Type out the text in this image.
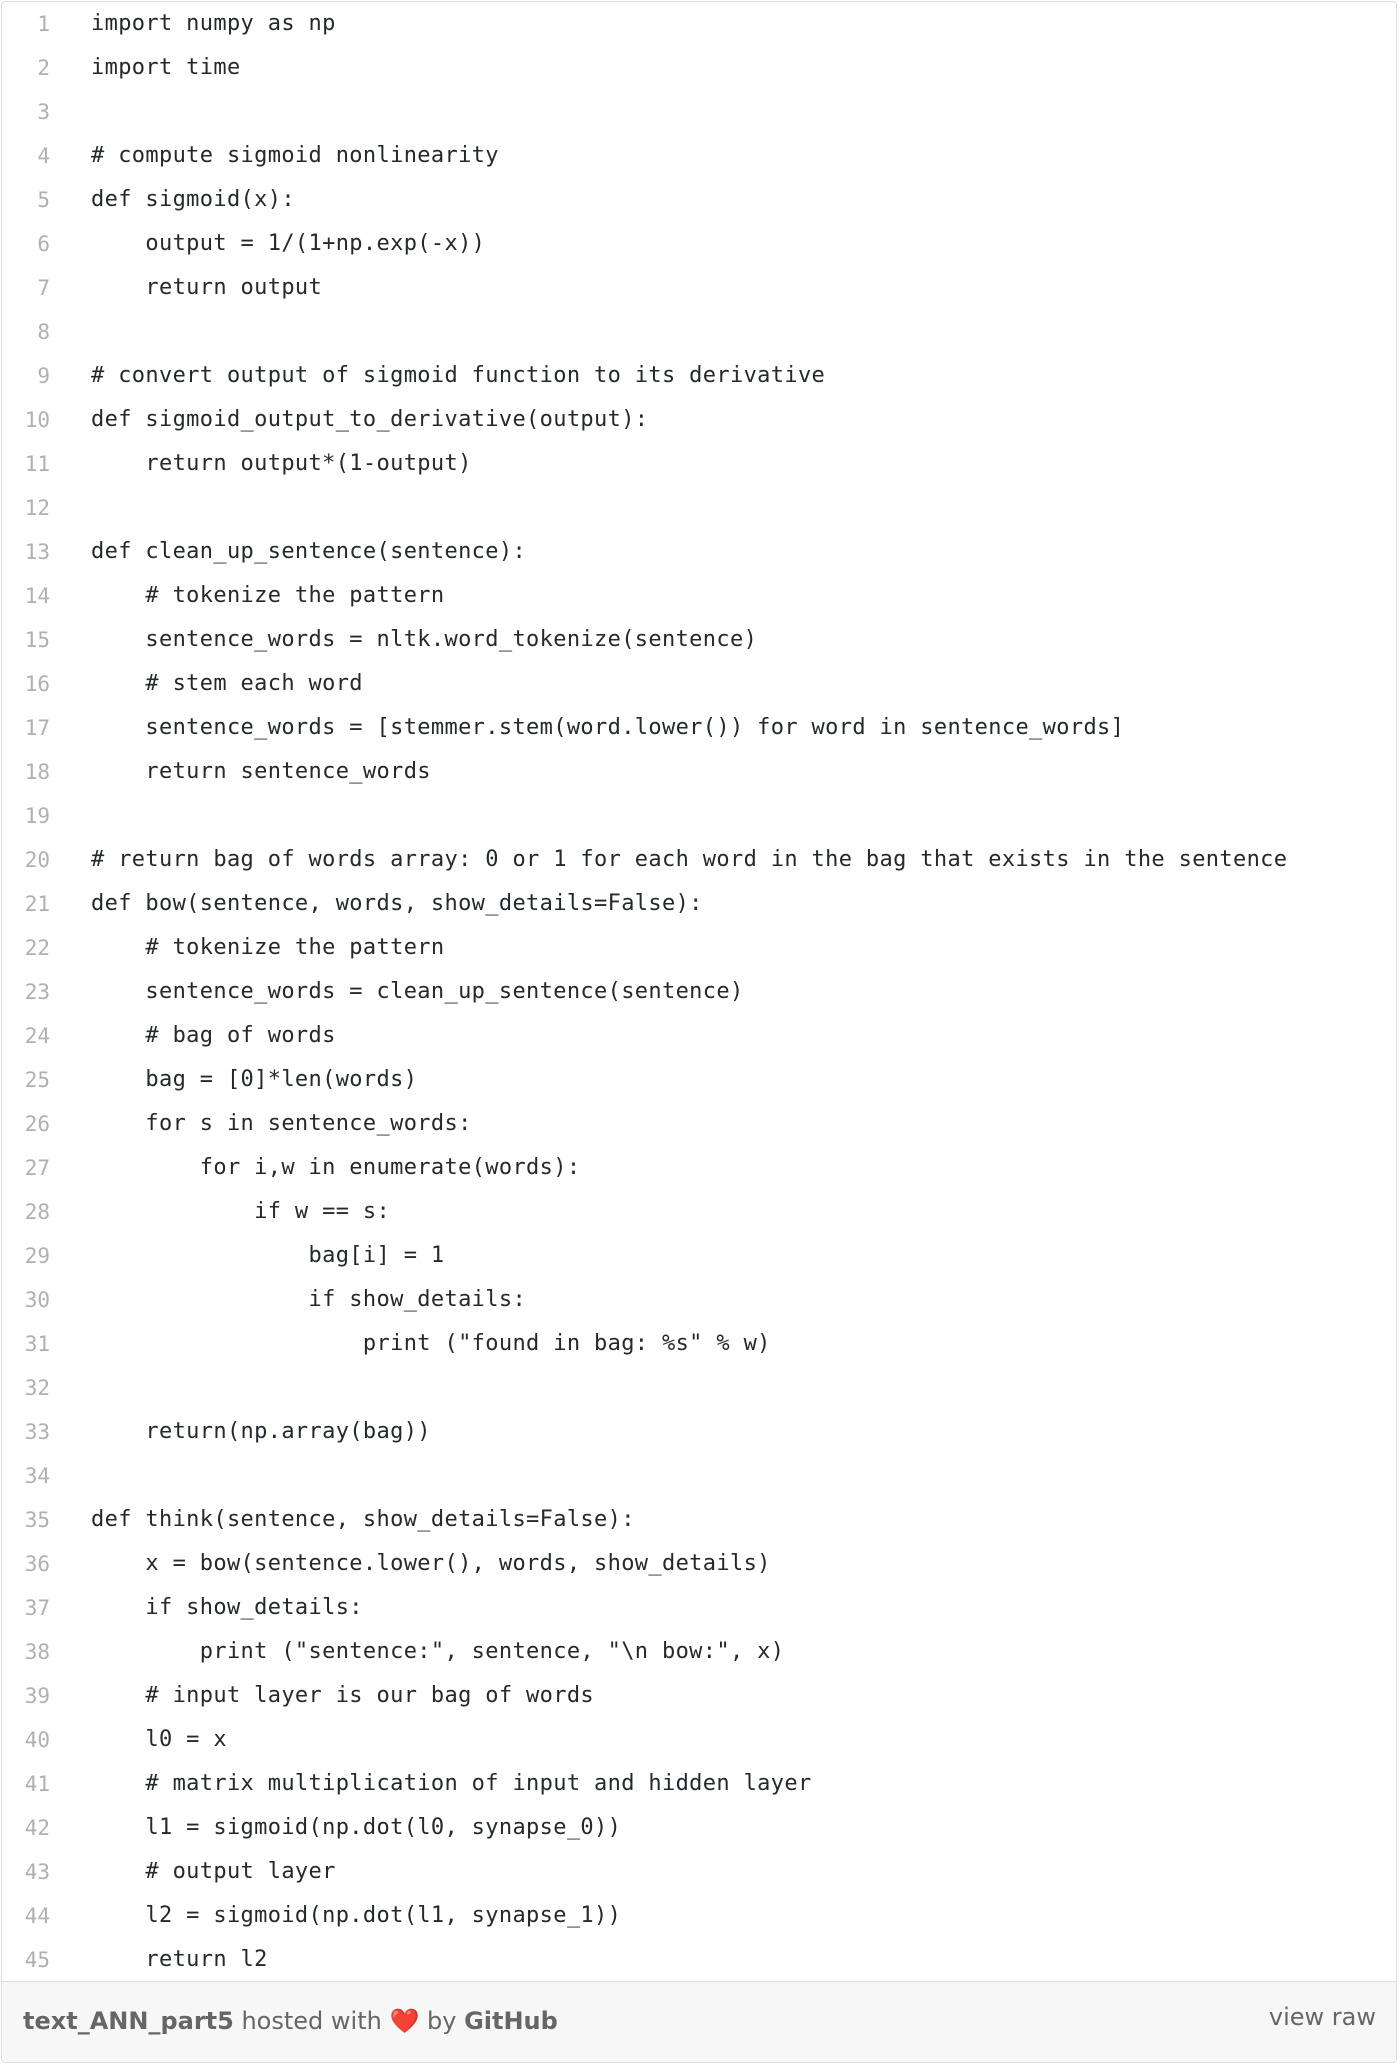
1 import numpy as np
2 import time
3
4 # compute sigmoid nonlinearity
5 def sigmoid(x):
6 output = 1/(1+np.exp(-x))
7 return output
8
9 # convert output of sigmoid function to its derivative
10 def sigmoid_output_to_derivative(output):
11 return output*(1-output)
12
13 def clean_up_sentence(sentence):
14 # tokenize the pattern
15 sentence_words = nltk.word_tokenize(sentence)
16 # stem each word
17 sentence_words = [stemmer.stem(word.lower()) for word in sentence_words]
18 return sentence_words
19
20 # return bag of words array: 0 or 1 for each word in the bag that exists in the sentence
21 def bow(sentence, words, show_details=False):
22 # tokenize the pattern
23 sentence_words = clean_up_sentence(sentence)
24 # bag of words
25 bag = [0]*len(words)
26 for s in sentence_words:
27 for i,w in enumerate(words):
28 if w == s:
29 bag[i] = 1
30 if show_details:
31 print ("found in bag: %s" % w)
32
33 return(np.array(bag))
34
35 def think(sentence, show_details=False):
36 x = bow(sentence.lower(), words, show_details)
37 if show_details:
38 print ("sentence:", sentence, "\n bow:", x)
39 # input layer is our bag of words
40 l0 = x
41 # matrix multiplication of input and hidden layer
42 l1 = sigmoid(np.dot(l0, synapse_0))
43 # output layer
44 l2 = sigmoid(np.dot(l1, synapse_1))
45 return l2
text_ANN_part5 hosted with ❤️ by GitHub	view raw
